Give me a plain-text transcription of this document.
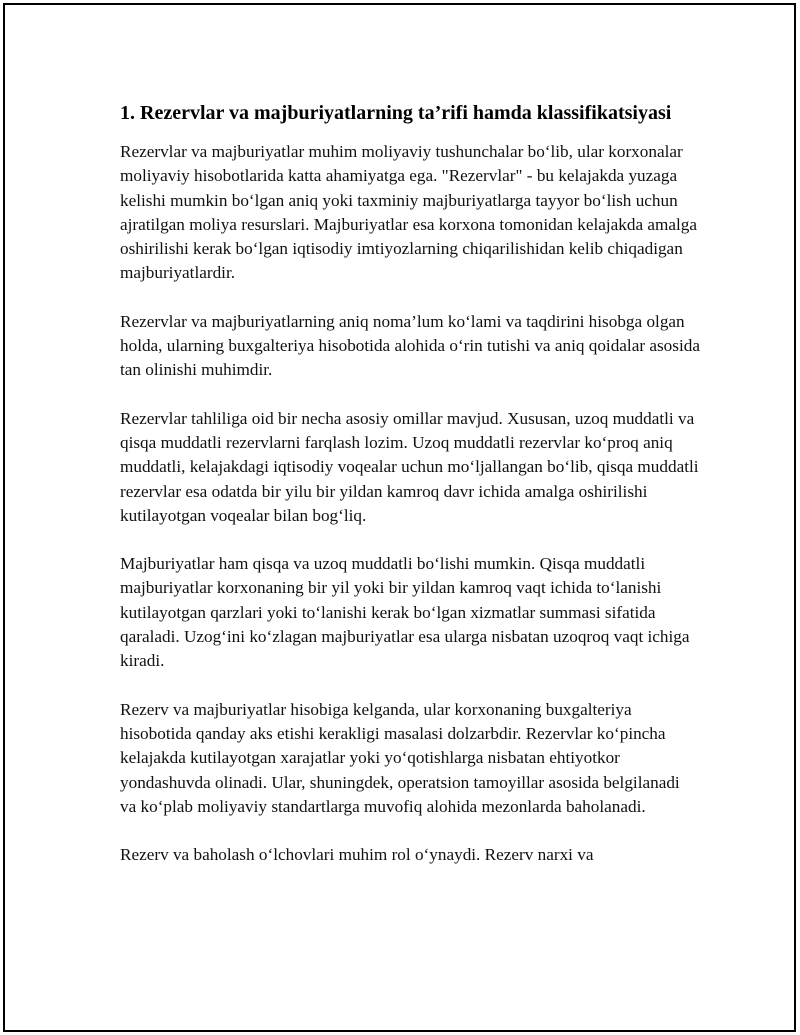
1. Rezervlar va majburiyatlarning ta’rifi hamda klassifikatsiyasi

Rezervlar va majburiyatlar muhim moliyaviy tushunchalar bo‘lib, ular korxonalar moliyaviy hisobotlarida katta ahamiyatga ega. "Rezervlar" - bu kelajakda yuzaga kelishi mumkin bo‘lgan aniq yoki taxminiy majburiyatlarga tayyor bo‘lish uchun ajratilgan moliya resurslari. Majburiyatlar esa korxona tomonidan kelajakda amalga oshirilishi kerak bo‘lgan iqtisodiy imtiyozlarning chiqarilishidan kelib chiqadigan majburiyatlardir.

Rezervlar va majburiyatlarning aniq noma’lum ko‘lami va taqdirini hisobga olgan holda, ularning buxgalteriya hisobotida alohida o‘rin tutishi va aniq qoidalar asosida tan olinishi muhimdir.

Rezervlar tahliliga oid bir necha asosiy omillar mavjud. Xususan, uzoq muddatli va qisqa muddatli rezervlarni farqlash lozim. Uzoq muddatli rezervlar ko‘proq aniq muddatli, kelajakdagi iqtisodiy voqealar uchun mo‘ljallangan bo‘lib, qisqa muddatli rezervlar esa odatda bir yilu bir yildan kamroq davr ichida amalga oshirilishi kutilayotgan voqealar bilan bog‘liq.

Majburiyatlar ham qisqa va uzoq muddatli bo‘lishi mumkin. Qisqa muddatli majburiyatlar korxonaning bir yil yoki bir yildan kamroq vaqt ichida to‘lanishi kutilayotgan qarzlari yoki to‘lanishi kerak bo‘lgan xizmatlar summasi sifatida qaraladi. Uzog‘ini ko‘zlagan majburiyatlar esa ularga nisbatan uzoqroq vaqt ichiga kiradi.

Rezerv va majburiyatlar hisobiga kelganda, ular korxonaning buxgalteriya hisobotida qanday aks etishi kerakligi masalasi dolzarbdir. Rezervlar ko‘pincha kelajakda kutilayotgan xarajatlar yoki yo‘qotishlarga nisbatan ehtiyotkor yondashuvda olinadi. Ular, shuningdek, operatsion tamoyillar asosida belgilanadi va ko‘plab moliyaviy standartlarga muvofiq alohida mezonlarda baholanadi.

Rezerv va baholash o‘lchovlari muhim rol o‘ynaydi. Rezerv narxi va
